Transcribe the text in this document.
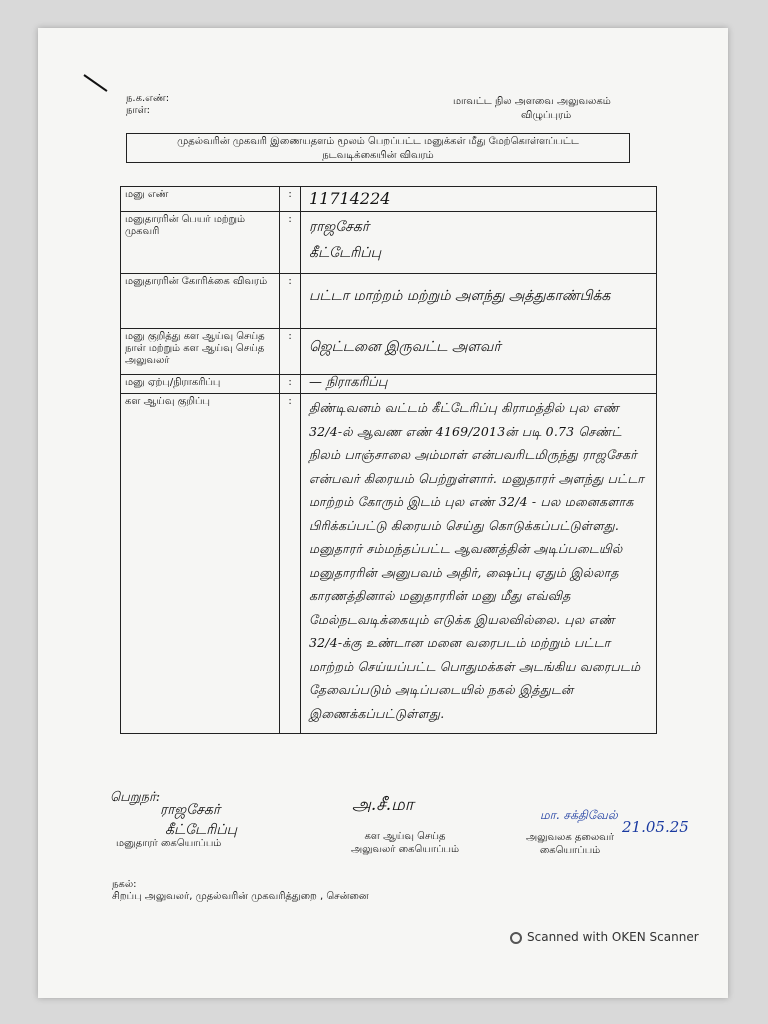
ந.க.எண்:
நாள்:
மாவட்ட நில அளவை அலுவலகம்
விழுப்புரம்
முதல்வரின் முகவரி இணையதளம் மூலம் பெறப்பட்ட மனுக்கள் மீது மேற்கொள்ளப்பட்ட
நடவடிக்கையின் விவரம்
மனு எண்	:	11714224
மனுதாரரின் பெயர் மற்றும் முகவரி	:	ராஜசேகர்
கீட்டேரிப்பு

மனுதாரரின் கோரிக்கை விவரம்	:	பட்டா மாற்றம் மற்றும் அளந்து அத்துகாண்பிக்க
மனு குறித்து கள ஆய்வு செய்த நாள் மற்றும் கள ஆய்வு செய்த அலுவலர்	:	ஜெட்டனை இருவட்ட அளவர்
மனு ஏற்பு/நிராகரிப்பு	:	— நிராகரிப்பு
கள ஆய்வு குறிப்பு	:	திண்டிவனம் வட்டம் கீட்டேரிப்பு கிராமத்தில் புல எண் 32/4-ல் ஆவண எண் 4169/2013ன் படி 0.73 செண்ட் நிலம் பாஞ்சாலை அம்மாள் என்பவரிடமிருந்து ராஜசேகர் என்பவர் கிரையம் பெற்றுள்ளார். மனுதாரர் அளந்து பட்டா மாற்றம் கோரும் இடம் புல எண் 32/4 - பல மனைகளாக பிரிக்கப்பட்டு கிரையம் செய்து கொடுக்கப்பட்டுள்ளது. மனுதாரர் சம்மந்தப்பட்ட ஆவணத்தின் அடிப்படையில் மனுதாரரின் அனுபவம் அதிர், ஷைப்பு ஏதும் இல்லாத காரணத்தினால் மனுதாரரின் மனு மீது எவ்வித மேல்நடவடிக்கையும் எடுக்க இயலவில்லை. புல எண் 32/4-க்கு உண்டான மனை வரைபடம் மற்றும் பட்டா மாற்றம் செய்யப்பட்ட பொதுமக்கள் அடங்கிய வரைபடம் தேவைப்படும் அடிப்படையில் நகல் இத்துடன் இணைக்கப்பட்டுள்ளது.
பெறுநர்:
ராஜசேகர்
கீட்டேரிப்பு
மனுதாரர் கையொப்பம்
அ.சீ.மா
கள ஆய்வு செய்த
அலுவலர் கையொப்பம்
மா. சக்திவேல்
21.05.25
அலுவலக தலைவர்
கையொப்பம்
நகல்:
சிறப்பு அலுவலர், முதல்வரின் முகவரித்துறை , சென்னை
Scanned with OKEN Scanner
